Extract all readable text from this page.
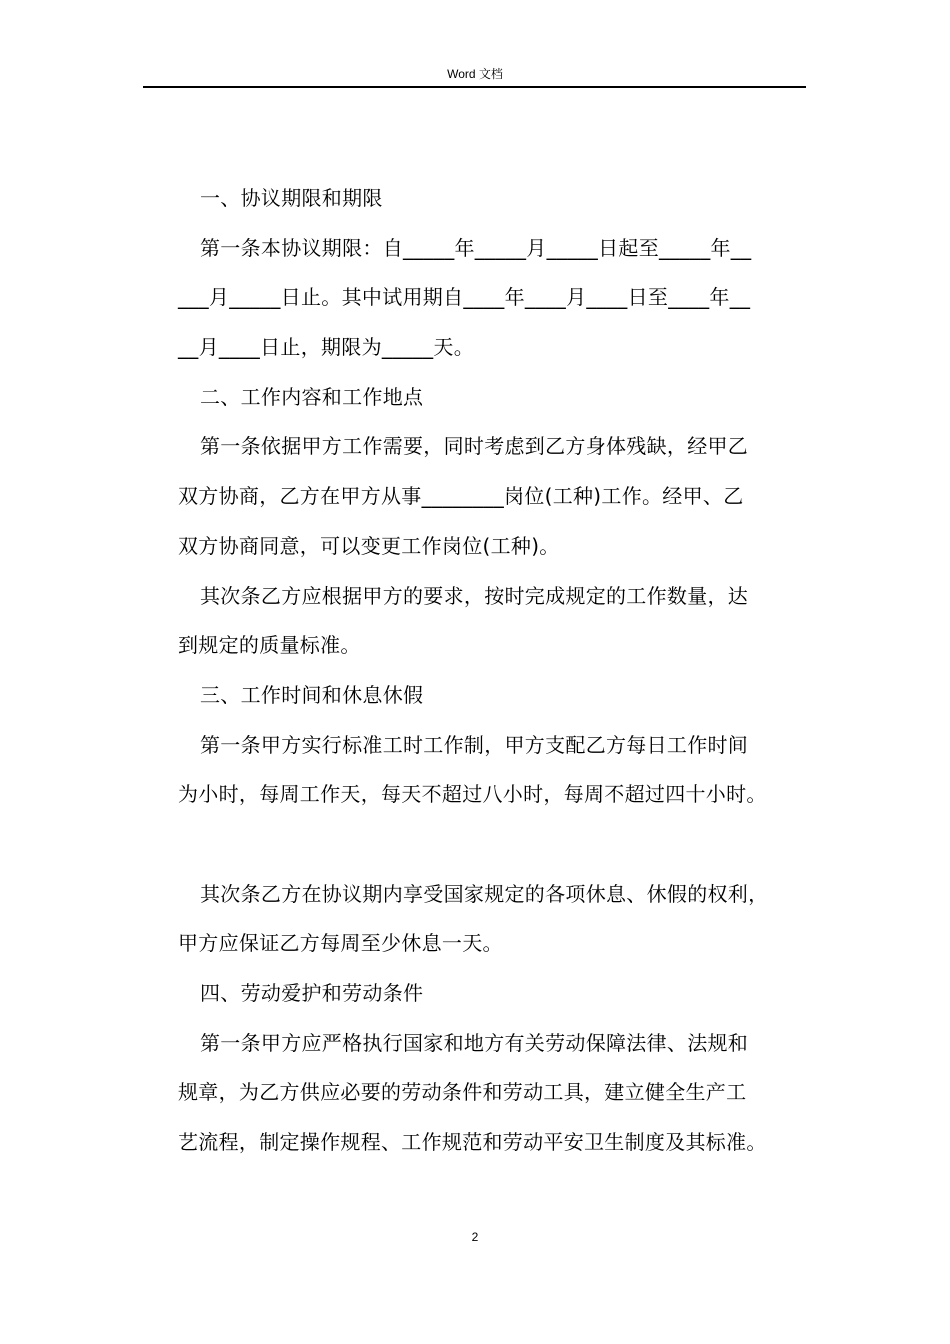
Word 文档
一、协议期限和期限
第一条本协议期限：自_____年_____月_____日起至_____年__
___月_____日止。其中试用期自____年____月____日至____年__
__月____日止，期限为_____天。
二、工作内容和工作地点
第一条依据甲方工作需要，同时考虑到乙方身体残缺，经甲乙
双方协商，乙方在甲方从事________岗位(工种)工作。经甲、乙
双方协商同意，可以变更工作岗位(工种)。
其次条乙方应根据甲方的要求，按时完成规定的工作数量，达
到规定的质量标准。
三、工作时间和休息休假
第一条甲方实行标准工时工作制，甲方支配乙方每日工作时间
为小时，每周工作天，每天不超过八小时，每周不超过四十小时。
其次条乙方在协议期内享受国家规定的各项休息、休假的权利，
甲方应保证乙方每周至少休息一天。
四、劳动爱护和劳动条件
第一条甲方应严格执行国家和地方有关劳动保障法律、法规和
规章，为乙方供应必要的劳动条件和劳动工具，建立健全生产工
艺流程，制定操作规程、工作规范和劳动平安卫生制度及其标准。
2
